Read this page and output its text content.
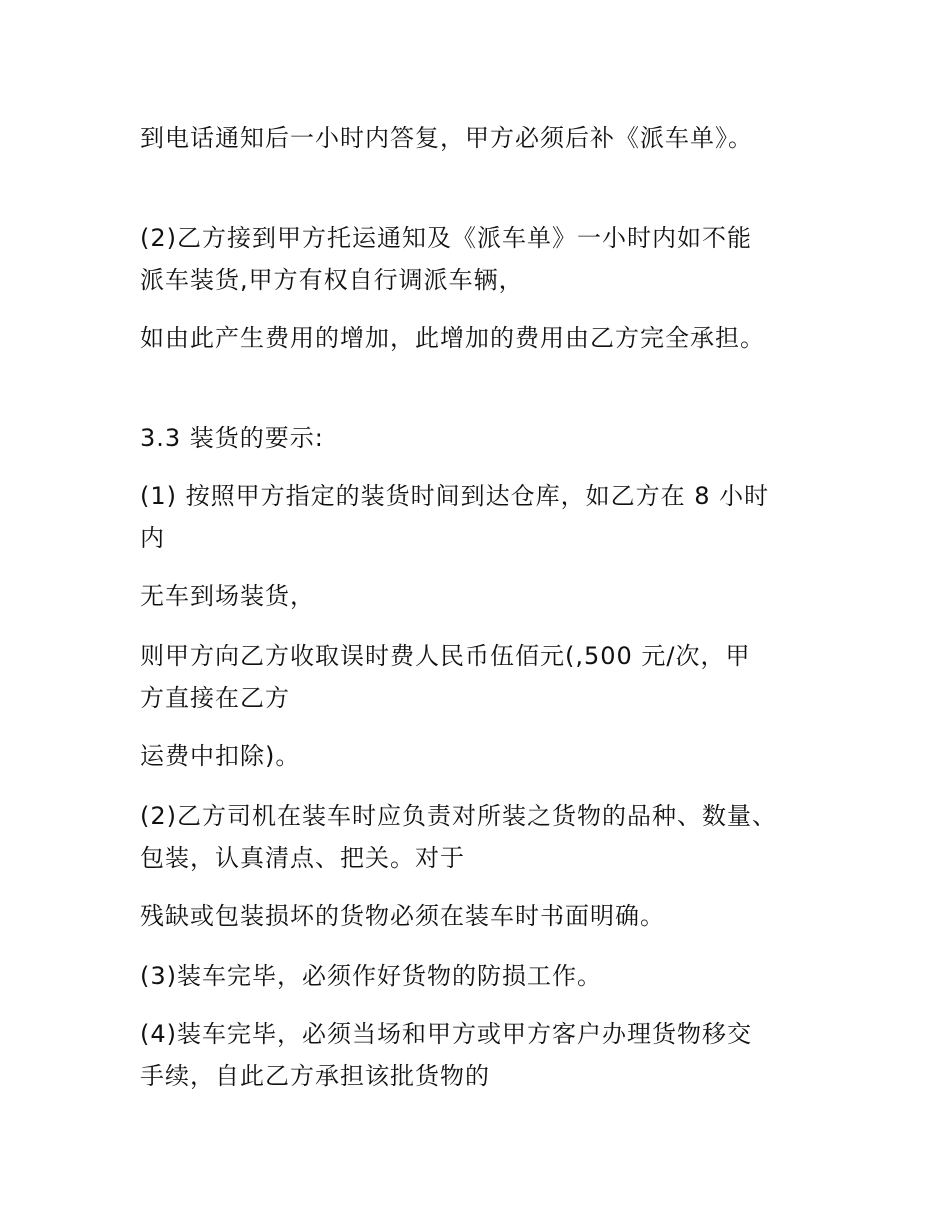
到电话通知后一小时内答复，甲方必须后补《派车单》。
(2)乙方接到甲方托运通知及《派车单》一小时内如不能
派车装货,甲方有权自行调派车辆，
如由此产生费用的增加，此增加的费用由乙方完全承担。
3.3 装货的要示:
(1) 按照甲方指定的装货时间到达仓库，如乙方在 8 小时
内
无车到场装货，
则甲方向乙方收取误时费人民币伍佰元(,500 元/次，甲
方直接在乙方
运费中扣除)。
(2)乙方司机在装车时应负责对所装之货物的品种、数量、
包装，认真清点、把关。对于
残缺或包装损坏的货物必须在装车时书面明确。
(3)装车完毕，必须作好货物的防损工作。
(4)装车完毕，必须当场和甲方或甲方客户办理货物移交
手续，自此乙方承担该批货物的
